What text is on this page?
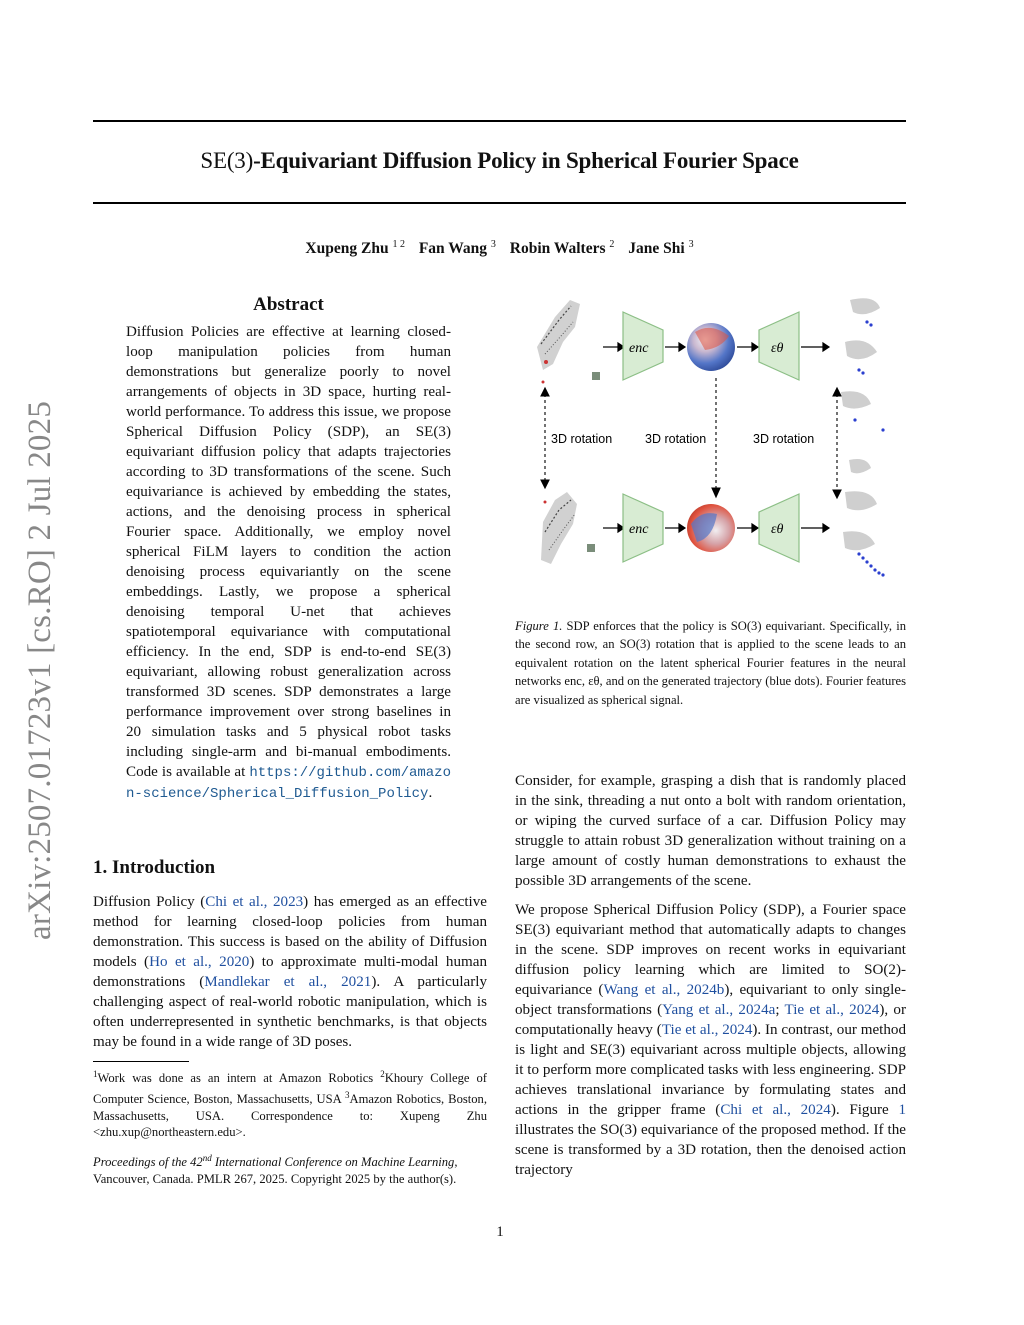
SE(3)-Equivariant Diffusion Policy in Spherical Fourier Space
Xupeng Zhu $^{1 2}$ Fan Wang $^3$ Robin Walters $^2$ Jane Shi $^3$
arXiv:2507.01723v1 [cs.RO] 2 Jul 2025
Abstract
Diffusion Policies are effective at learning closed-loop manipulation policies from human demonstrations but generalize poorly to novel arrangements of objects in 3D space, hurting real-world performance. To address this issue, we propose Spherical Diffusion Policy (SDP), an SE(3) equivariant diffusion policy that adapts trajectories according to 3D transformations of the scene. Such equivariance is achieved by embedding the states, actions, and the denoising process in spherical Fourier space. Additionally, we employ novel spherical FiLM layers to condition the action denoising process equivariantly on the scene embeddings. Lastly, we propose a spherical denoising temporal U-net that achieves spatiotemporal equivariance with computational efficiency. In the end, SDP is end-to-end SE(3) equivariant, allowing robust generalization across transformed 3D scenes. SDP demonstrates a large performance improvement over strong baselines in 20 simulation tasks and 5 physical robot tasks including single-arm and bi-manual embodiments. Code is available at https://github.com/amazon-science/Spherical_Diffusion_Policy.
1. Introduction

Diffusion Policy (Chi et al., 2023) has emerged as an effective method for learning closed-loop policies from human demonstration. This success is based on the ability of Diffusion models (Ho et al., 2020) to approximate multi-modal human demonstrations (Mandlekar et al., 2021). A particularly challenging aspect of real-world robotic manipulation, which is often underrepresented in synthetic benchmarks, is that objects may be found in a wide range of 3D poses.

$^1$Work was done as an intern at Amazon Robotics $^2$Khoury College of Computer Science, Boston, Massachusetts, USA $^3$Amazon Robotics, Boston, Massachusetts, USA. Correspondence to: Xupeng Zhu <zhu.xup@northeastern.edu>.
Proceedings of the 42nd International Conference on Machine Learning, Vancouver, Canada. PMLR 267, 2025. Copyright 2025 by the author(s).
enc
enc
εθ
εθ
3D rotation	3D rotation	3D rotation
Figure 1. SDP enforces that the policy is SO(3) equivariant. Specifically, in the second row, an SO(3) rotation that is applied to the scene leads to an equivalent rotation on the latent spherical Fourier features in the neural networks enc, εθ, and on the generated trajectory (blue dots). Fourier features are visualized as spherical signal.

Consider, for example, grasping a dish that is randomly placed in the sink, threading a nut onto a bolt with random orientation, or wiping the curved surface of a car. Diffusion Policy may struggle to attain robust 3D generalization without training on a large amount of costly human demonstrations to exhaust the possible 3D arrangements of the scene.

We propose Spherical Diffusion Policy (SDP), a Fourier space SE(3) equivariant method that automatically adapts to changes in the scene. SDP improves on recent works in equivariant diffusion policy learning which are limited to SO(2)-equivariance (Wang et al., 2024b), equivariant to only single-object transformations (Yang et al., 2024a; Tie et al., 2024), or computationally heavy (Tie et al., 2024). In contrast, our method is light and SE(3) equivariant across multiple objects, allowing it to perform more complicated tasks with less engineering. SDP achieves translational invariance by formulating states and actions in the gripper frame (Chi et al., 2024). Figure 1 illustrates the SO(3) equivariance of the proposed method. If the scene is transformed by a 3D rotation, then the denoised action trajectory

1
